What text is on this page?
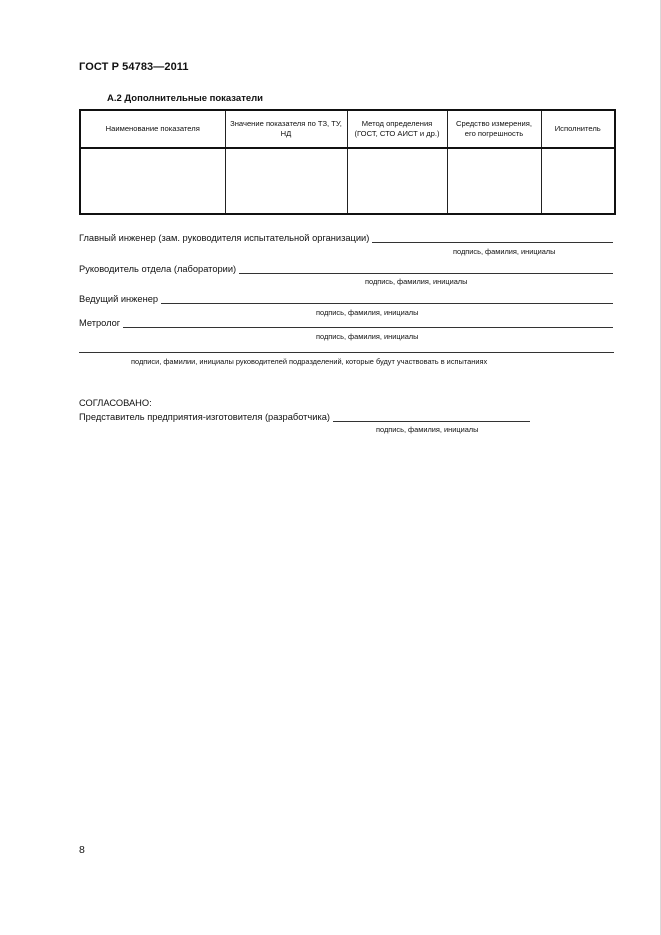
ГОСТ Р 54783—2011
А.2 Дополнительные показатели
Наименование показателя	Значение показателя по ТЗ, ТУ, НД	Метод определения (ГОСТ, СТО АИСТ и др.)	Средство измерения, его погрешность	Исполнитель

Главный инженер (зам. руководителя испытательной организации)
подпись, фамилия, инициалы
Руководитель отдела (лаборатории)
подпись, фамилия, инициалы
Ведущий инженер
подпись, фамилия, инициалы
Метролог
подпись, фамилия, инициалы
подписи, фамилии, инициалы руководителей подразделений, которые будут участвовать в испытаниях
СОГЛАСОВАНО:
Представитель предприятия-изготовителя (разработчика)
подпись, фамилия, инициалы
8
